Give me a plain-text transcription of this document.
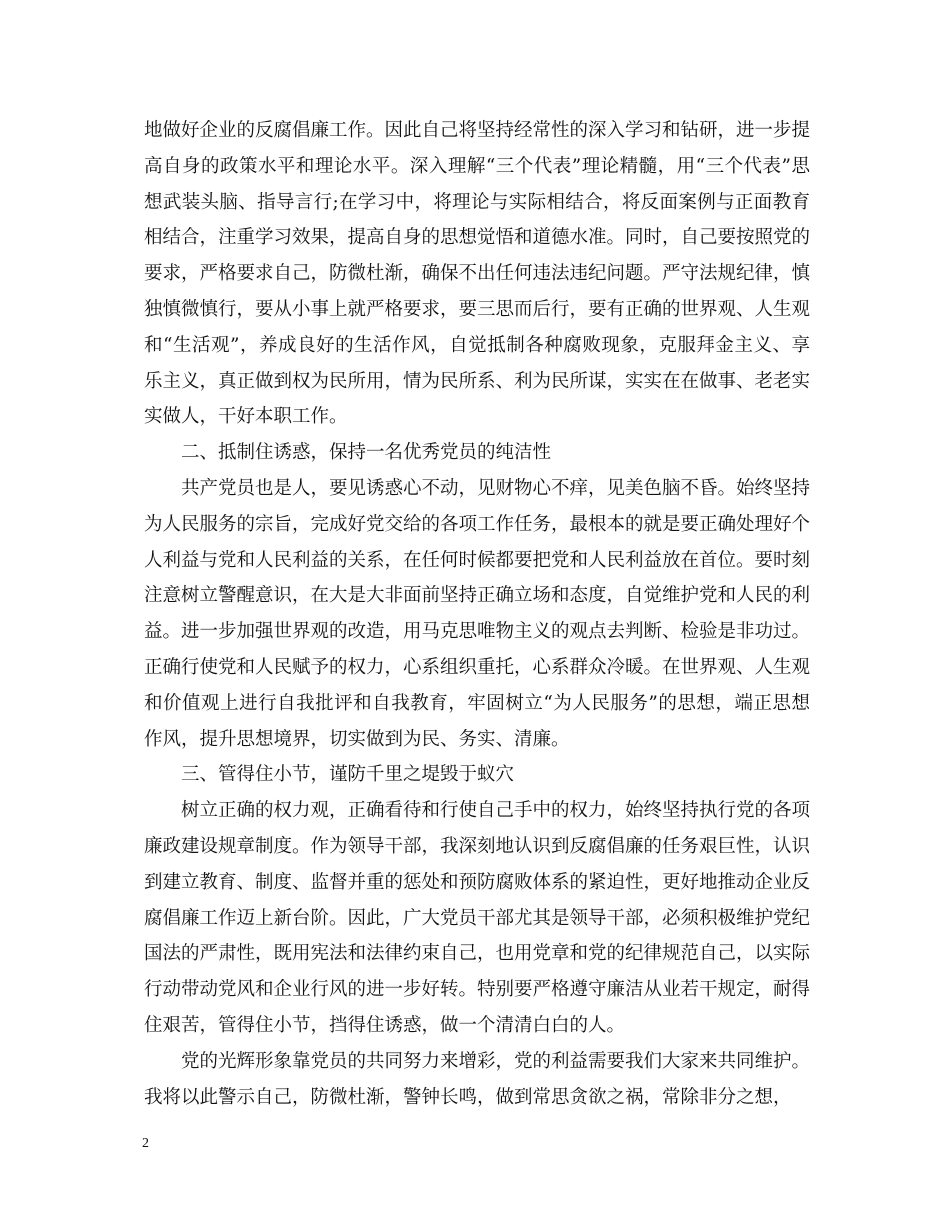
地做好企业的反腐倡廉工作。因此自己将坚持经常性的深入学习和钻研，进一步提高自身的政策水平和理论水平。深入理解“三个代表”理论精髓，用“三个代表”思想武装头脑、指导言行;在学习中，将理论与实际相结合，将反面案例与正面教育相结合，注重学习效果，提高自身的思想觉悟和道德水准。同时，自己要按照党的要求，严格要求自己，防微杜渐，确保不出任何违法违纪问题。严守法规纪律，慎独慎微慎行，要从小事上就严格要求，要三思而后行，要有正确的世界观、人生观和“生活观”，养成良好的生活作风，自觉抵制各种腐败现象，克服拜金主义、享乐主义，真正做到权为民所用，情为民所系、利为民所谋，实实在在做事、老老实实做人，干好本职工作。

二、抵制住诱惑，保持一名优秀党员的纯洁性

共产党员也是人，要见诱惑心不动，见财物心不痒，见美色脑不昏。始终坚持为人民服务的宗旨，完成好党交给的各项工作任务，最根本的就是要正确处理好个人利益与党和人民利益的关系，在任何时候都要把党和人民利益放在首位。要时刻注意树立警醒意识，在大是大非面前坚持正确立场和态度，自觉维护党和人民的利益。进一步加强世界观的改造，用马克思唯物主义的观点去判断、检验是非功过。正确行使党和人民赋予的权力，心系组织重托，心系群众冷暖。在世界观、人生观和价值观上进行自我批评和自我教育，牢固树立“为人民服务”的思想，端正思想作风，提升思想境界，切实做到为民、务实、清廉。

三、管得住小节，谨防千里之堤毁于蚁穴

树立正确的权力观，正确看待和行使自己手中的权力，始终坚持执行党的各项廉政建设规章制度。作为领导干部，我深刻地认识到反腐倡廉的任务艰巨性，认识到建立教育、制度、监督并重的惩处和预防腐败体系的紧迫性，更好地推动企业反腐倡廉工作迈上新台阶。因此，广大党员干部尤其是领导干部，必须积极维护党纪国法的严肃性，既用宪法和法律约束自己，也用党章和党的纪律规范自己，以实际行动带动党风和企业行风的进一步好转。特别要严格遵守廉洁从业若干规定，耐得住艰苦，管得住小节，挡得住诱惑，做一个清清白白的人。

党的光辉形象靠党员的共同努力来增彩，党的利益需要我们大家来共同维护。我将以此警示自己，防微杜渐，警钟长鸣，做到常思贪欲之祸，常除非分之想，

2
